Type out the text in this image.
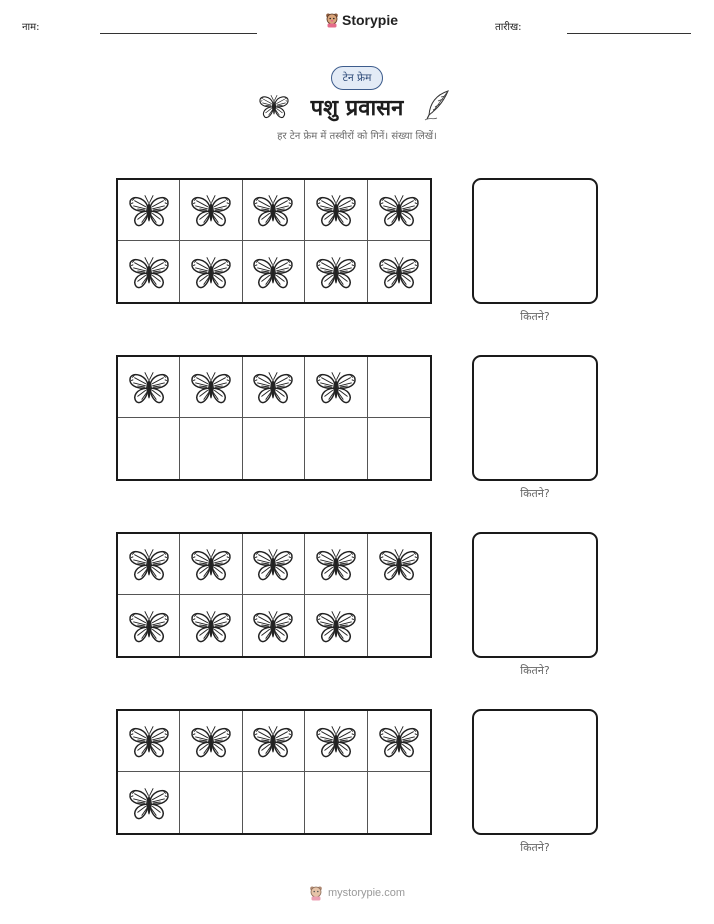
नाम:	Storypie	तारीख:
टेन फ्रेम
पशु प्रवासन
हर टेन फ्रेम में तस्वीरों को गिनें। संख्या लिखें।
कितने?
कितने?
कितने?
कितने?
mystorypie.com
